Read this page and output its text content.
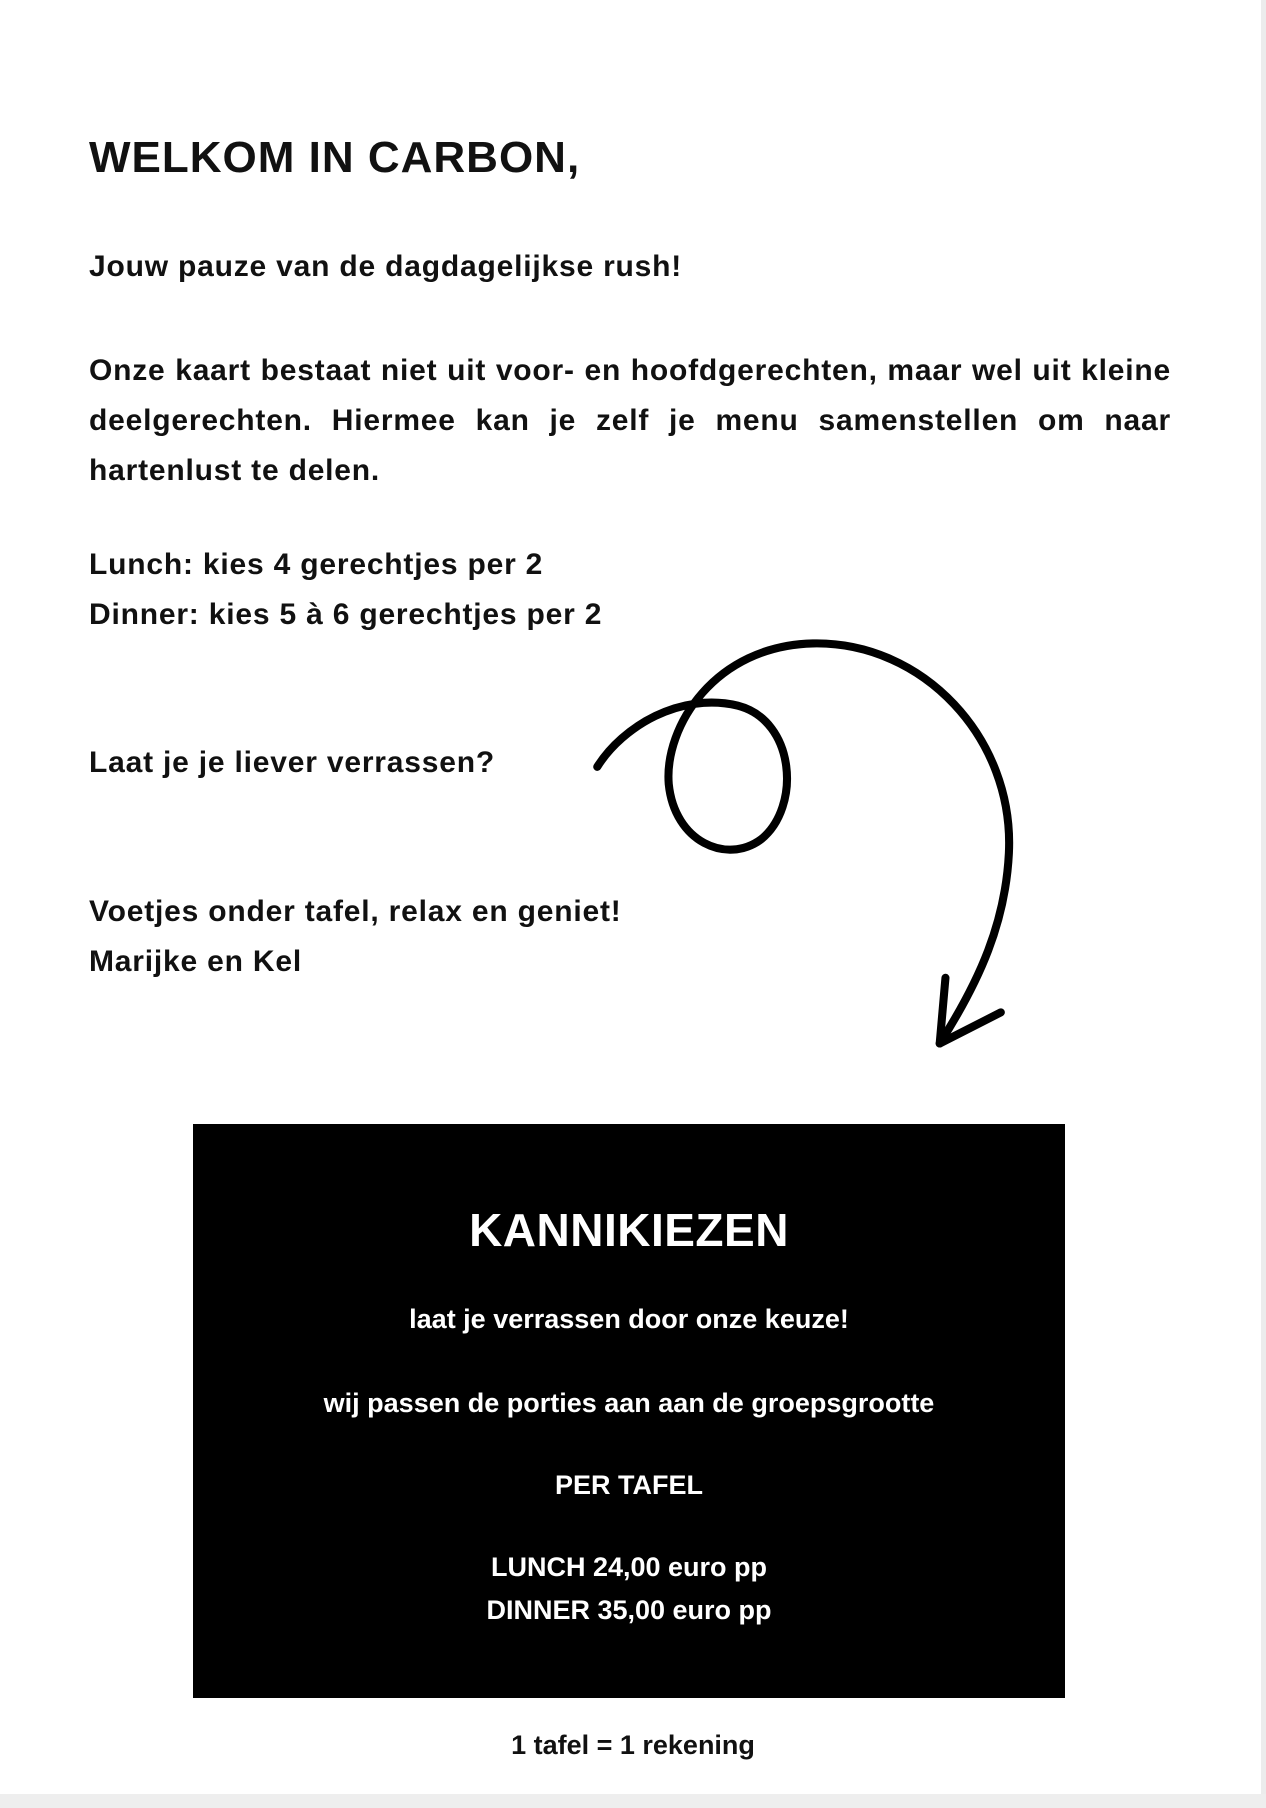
WELKOM IN CARBON,
Jouw pauze van de dagdagelijkse rush!
Onze kaart bestaat niet uit voor- en hoofdgerechten, maar wel uit kleine deelgerechten. Hiermee kan je zelf je menu samenstellen om naar hartenlust te delen.
Lunch: kies 4 gerechtjes per 2
Dinner: kies 5 à 6 gerechtjes per 2
Laat je je liever verrassen?
Voetjes onder tafel, relax en geniet!
Marijke en Kel
KANNIKIEZEN
laat je verrassen door onze keuze!
wij passen de porties aan aan de groepsgrootte
PER TAFEL
LUNCH 24,00 euro pp
DINNER 35,00 euro pp
1 tafel = 1 rekening
